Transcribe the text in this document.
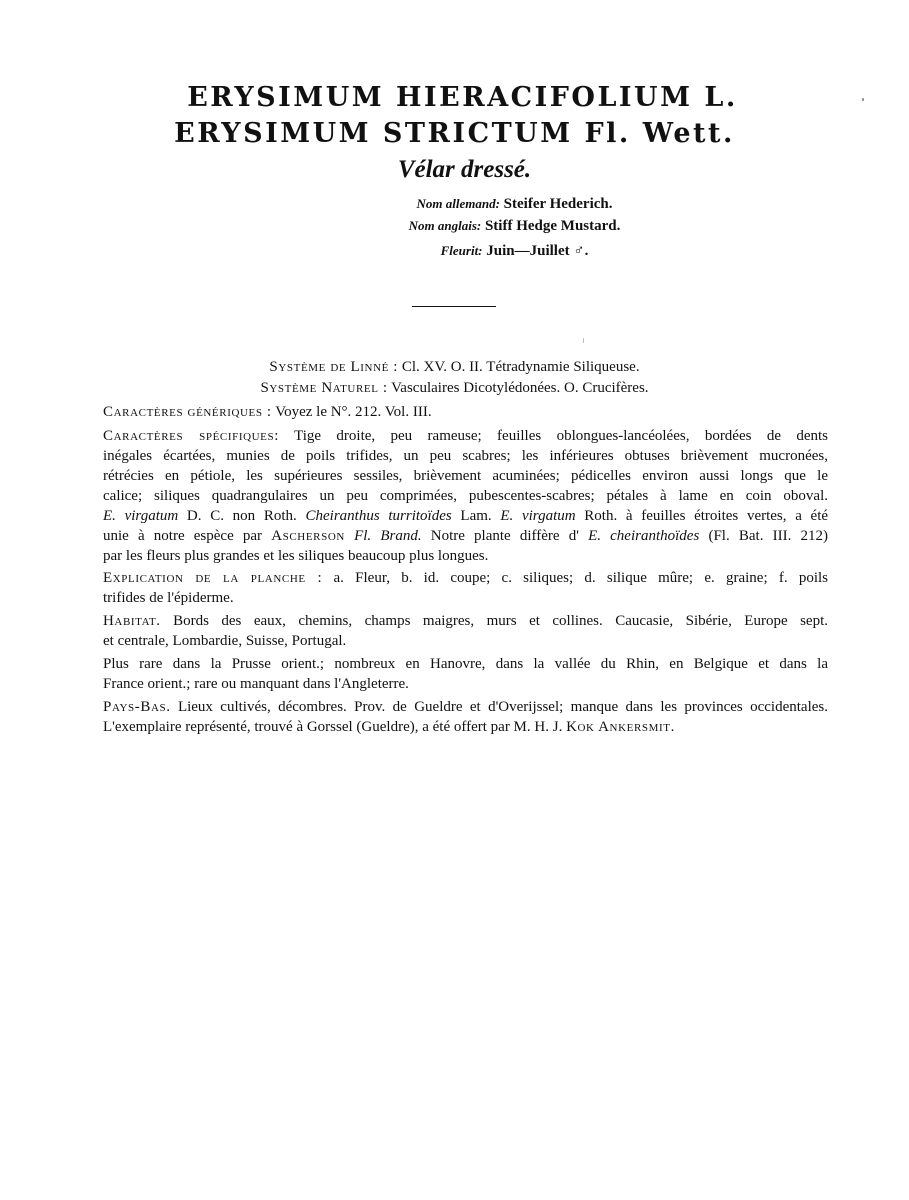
ERYSIMUM HIERACIFOLIUM L.
ERYSIMUM STRICTUM Fl. Wett.
Vélar dressé.
Nom allemand: Steifer Hederich.
Nom anglais: Stiff Hedge Mustard.
Fleurit: Juin—Juillet ♂.
Système de Linné : Cl. XV. O. II. Tétradynamie Siliqueuse.
Système Naturel : Vasculaires Dicotylédonées. O. Crucifères.
Caractères génériques : Voyez le N°. 212. Vol. III.
Caractères spécifiques: Tige droite, peu rameuse; feuilles oblongues-lancéolées, bordées de dents
inégales écartées, munies de poils trifides, un peu scabres; les inférieures obtuses brièvement mucronées,
rétrécies en pétiole, les supérieures sessiles, brièvement acuminées; pédicelles environ aussi longs que le
calice; siliques quadrangulaires un peu comprimées, pubescentes-scabres; pétales à lame en coin oboval.
E. virgatum D. C. non Roth. Cheiranthus turritoïdes Lam. E. virgatum Roth. à feuilles étroites vertes, a été
unie à notre espèce par Ascherson Fl. Brand. Notre plante diffère d' E. cheiranthoïdes (Fl. Bat. III. 212)
par les fleurs plus grandes et les siliques beaucoup plus longues.
Explication de la planche : a. Fleur, b. id. coupe; c. siliques; d. silique mûre; e. graine; f. poils
trifides de l'épiderme.
Habitat. Bords des eaux, chemins, champs maigres, murs et collines. Caucasie, Sibérie, Europe sept.
et centrale, Lombardie, Suisse, Portugal.
Plus rare dans la Prusse orient.; nombreux en Hanovre, dans la vallée du Rhin, en Belgique et dans la
France orient.; rare ou manquant dans l'Angleterre.
Pays-Bas. Lieux cultivés, décombres. Prov. de Gueldre et d'Overijssel; manque dans les provinces occidentales.
L'exemplaire représenté, trouvé à Gorssel (Gueldre), a été offert par M. H. J. Kok Ankersmit.
